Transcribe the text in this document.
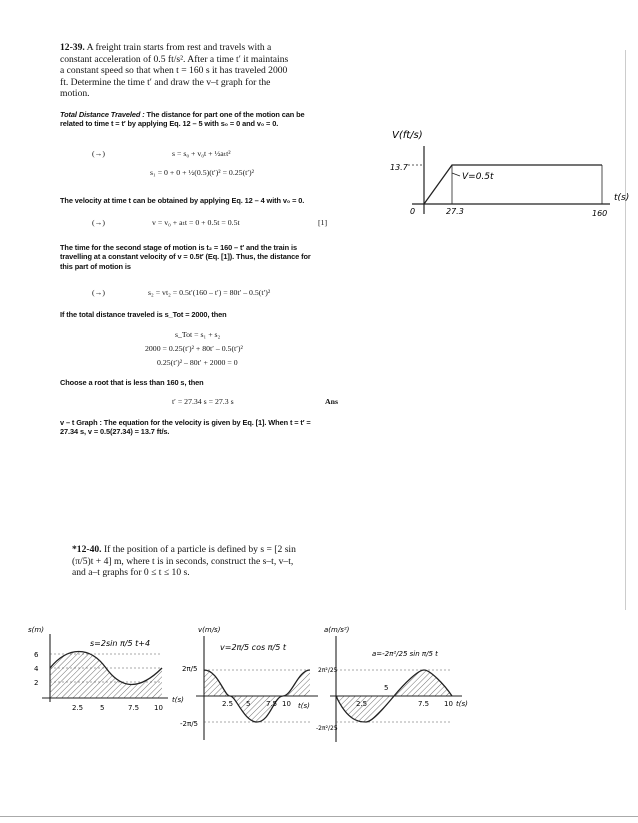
12-39. A freight train starts from rest and travels with a constant acceleration of 0.5 ft/s². After a time t′ it maintains a constant speed so that when t = 160 s it has traveled 2000 ft. Determine the time t′ and draw the v–t graph for the motion.
Total Distance Traveled : The distance for part one of the motion can be related to time t = t′ by applying Eq. 12 – 5 with s₀ = 0 and v₀ = 0.
(→)	s = s₀ + v₀t + ½aₜt²
s₁ = 0 + 0 + ½(0.5)(t′)² = 0.25(t′)²
The velocity at time t can be obtained by applying Eq. 12 – 4 with v₀ = 0.
(→)	v = v₀ + aₜt = 0 + 0.5t = 0.5t	[1]
The time for the second stage of motion is t₂ = 160 – t′ and the train is travelling at a constant velocity of v = 0.5t′ (Eq. [1]). Thus, the distance for this part of motion is
(→)	s₂ = vt₂ = 0.5t′(160 – t′) = 80t′ – 0.5(t′)²
If the total distance traveled is s_Tot = 2000, then
s_Tot = s₁ + s₂
2000 = 0.25(t′)² + 80t′ – 0.5(t′)²
0.25(t′)² – 80t′ + 2000 = 0
Choose a root that is less than 160 s, then
t′ = 27.34 s = 27.3 s	Ans
v – t Graph : The equation for the velocity is given by Eq. [1]. When t = t′ = 27.34 s, v = 0.5(27.34) = 13.7 ft/s.
V(ft/s)
t(s)
0
13.7
27.3	160
V=0.5t
*12-40. If the position of a particle is defined by s = [2 sin (π/5)t + 4] m, where t is in seconds, construct the s–t, v–t, and a–t graphs for 0 ≤ t ≤ 10 s.
s(m)
s=2sin π/5 t+4
t(s)
6
4
2
2.5 5	7.5 10
v(m/s)
v=2π/5 cos π/5 t
t(s)
2π/5
-2π/5
2.5 5 7.5 10
a(m/s²)
a=-2π²/25 sin π/5 t
t(s)
2π²/25
-2π²/25
2.5
5
7.5 10
